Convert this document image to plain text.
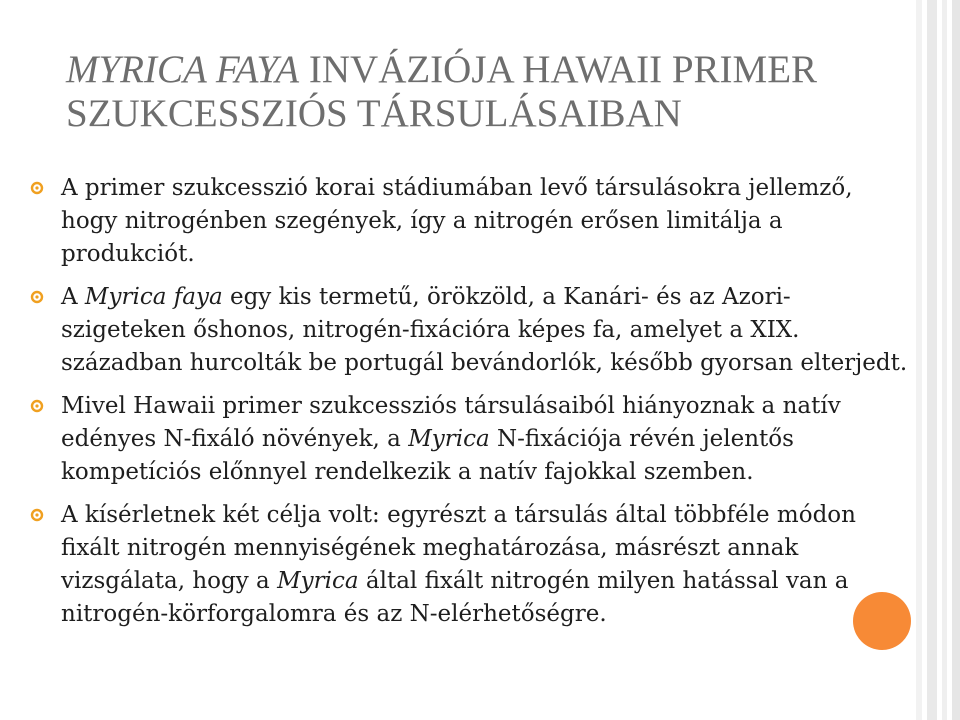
MYRICA FAYA INVÁZIÓJA HAWAII PRIMER SZUKCESSZIÓS TÁRSULÁSAIBAN
A primer szukcesszió korai stádiumában levő társulásokra jellemző, hogy nitrogénben szegények, így a nitrogén erősen limitálja a produkciót.
A Myrica faya egy kis termetű, örökzöld, a Kanári- és az Azori-szigeteken őshonos, nitrogén-fixációra képes fa, amelyet a XIX. században hurcolták be portugál bevándorlók, később gyorsan elterjedt.
Mivel Hawaii primer szukcessziós társulásaiból hiányoznak a natív edényes N-fixáló növények, a Myrica N-fixációja révén jelentős kompetíciós előnnyel rendelkezik a natív fajokkal szemben.
A kísérletnek két célja volt: egyrészt a társulás által többféle módon fixált nitrogén mennyiségének meghatározása, másrészt annak vizsgálata, hogy a Myrica által fixált nitrogén milyen hatással van a nitrogén-körforgalomra és az N-elérhetőségre.
